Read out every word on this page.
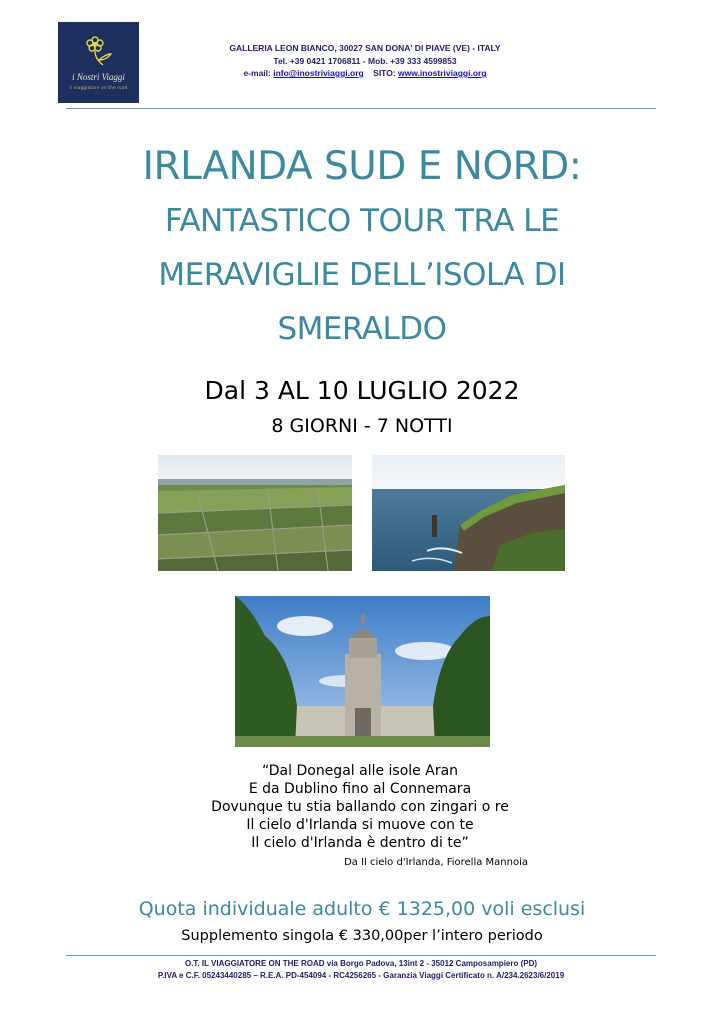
i Nostri Viaggi
il viaggiatore on the road
GALLERIA LEON BIANCO, 30027 SAN DONA' DI PIAVE (VE) - ITALY
Tel. +39 0421 1706811 - Mob. +39 333 4599853
e-mail: info@inostriviaggi.org SITO: www.inostriviaggi.org
IRLANDA SUD E NORD:
FANTASTICO TOUR TRA LE
MERAVIGLIE DELL’ISOLA DI
SMERALDO
Dal 3 AL 10 LUGLIO 2022
8 GIORNI - 7 NOTTI
“Dal Donegal alle isole Aran
E da Dublino fino al Connemara
Dovunque tu stia ballando con zingari o re
Il cielo d'Irlanda si muove con te
Il cielo d'Irlanda è dentro di te”
Da Il cielo d'Irlanda, Fiorella Mannoia
Quota individuale adulto € 1325,00 voli esclusi
Supplemento singola € 330,00per l’intero periodo
O.T. IL VIAGGIATORE ON THE ROAD via Borgo Padova, 13int 2 - 35012 Camposampiero (PD)
P.IVA e C.F. 05243440285 – R.E.A. PD-454094 - RC4256265 - Garanzia Viaggi Certificato n. A/234.2623/6/2019
